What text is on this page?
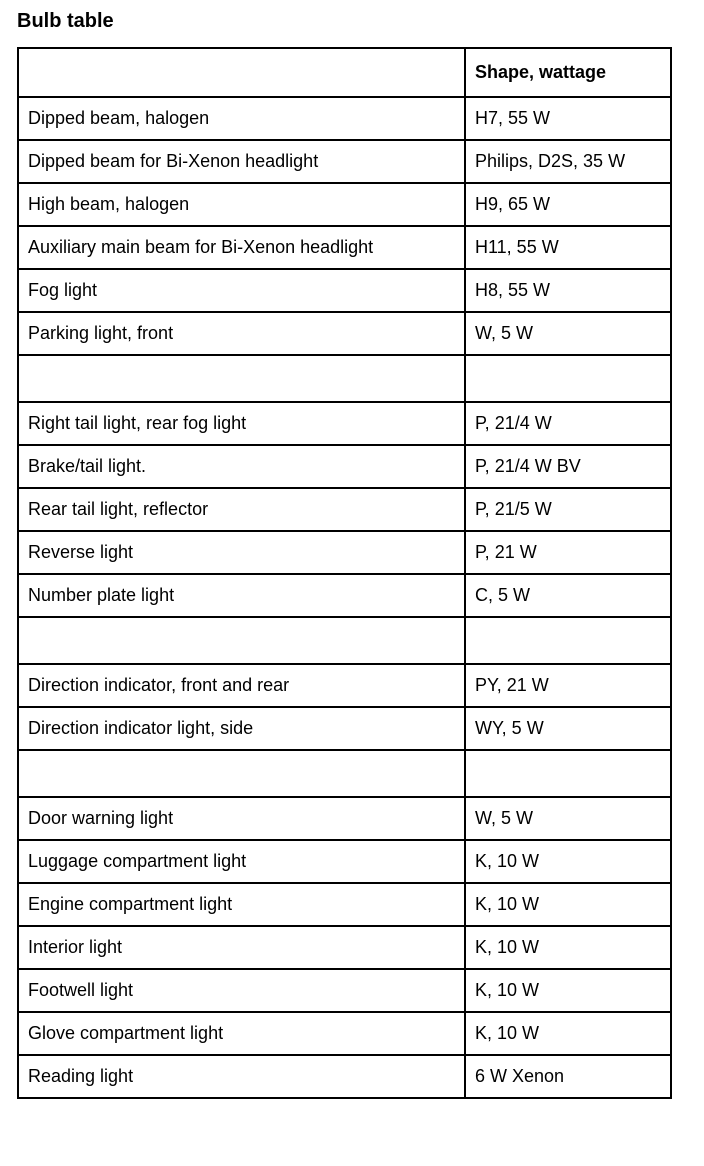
Bulb table
	Shape, wattage
Dipped beam, halogen	H7, 55 W
Dipped beam for Bi-Xenon headlight	Philips, D2S, 35 W
High beam, halogen	H9, 65 W
Auxiliary main beam for Bi-Xenon headlight	H11, 55 W
Fog light	H8, 55 W
Parking light, front	W, 5 W

Right tail light, rear fog light	P, 21/4 W
Brake/tail light.	P, 21/4 W BV
Rear tail light, reflector	P, 21/5 W
Reverse light	P, 21 W
Number plate light	C, 5 W

Direction indicator, front and rear	PY, 21 W
Direction indicator light, side	WY, 5 W

Door warning light	W, 5 W
Luggage compartment light	K, 10 W
Engine compartment light	K, 10 W
Interior light	K, 10 W
Footwell light	K, 10 W
Glove compartment light	K, 10 W
Reading light	6 W Xenon
